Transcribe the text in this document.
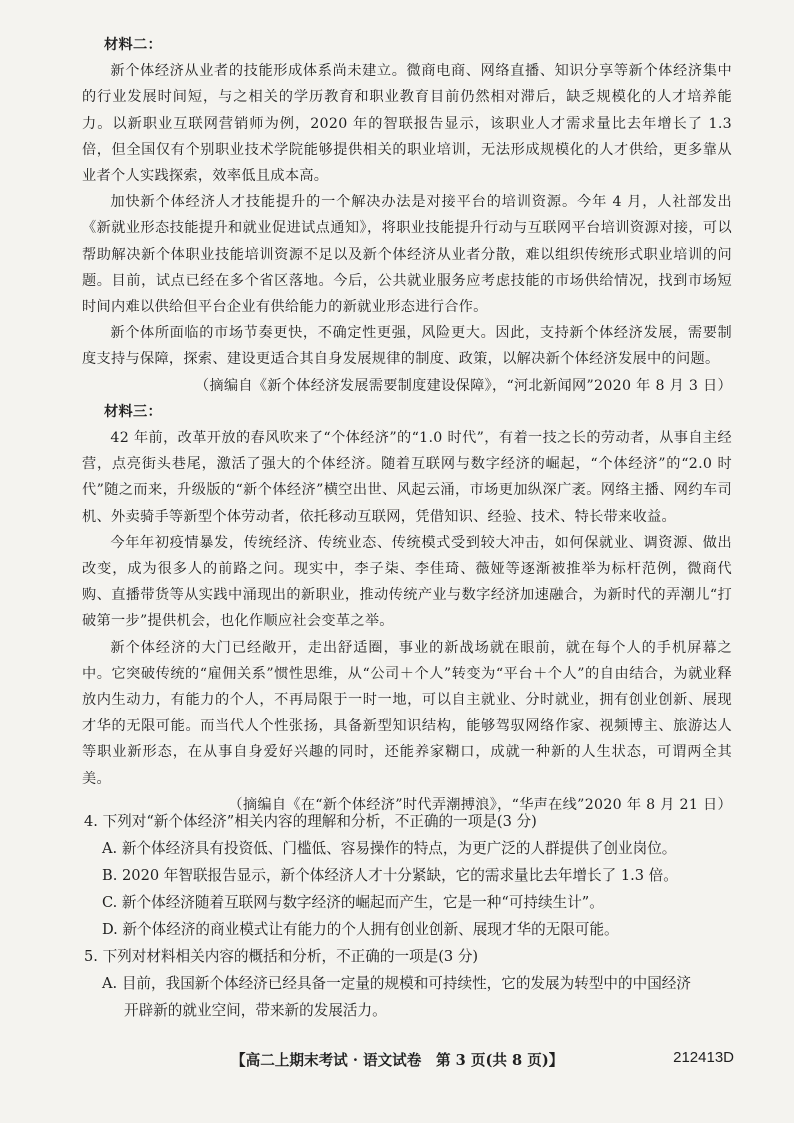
材料二：

新个体经济从业者的技能形成体系尚未建立。微商电商、网络直播、知识分享等新个体经济集中的行业发展时间短，与之相关的学历教育和职业教育目前仍然相对滞后，缺乏规模化的人才培养能力。以新职业互联网营销师为例，2020 年的智联报告显示，该职业人才需求量比去年增长了 1.3 倍，但全国仅有个别职业技术学院能够提供相关的职业培训，无法形成规模化的人才供给，更多靠从业者个人实践探索，效率低且成本高。

加快新个体经济人才技能提升的一个解决办法是对接平台的培训资源。今年 4 月，人社部发出《新就业形态技能提升和就业促进试点通知》，将职业技能提升行动与互联网平台培训资源对接，可以帮助解决新个体职业技能培训资源不足以及新个体经济从业者分散，难以组织传统形式职业培训的问题。目前，试点已经在多个省区落地。今后，公共就业服务应考虑技能的市场供给情况，找到市场短时间内难以供给但平台企业有供给能力的新就业形态进行合作。

新个体所面临的市场节奏更快，不确定性更强，风险更大。因此，支持新个体经济发展，需要制度支持与保障，探索、建设更适合其自身发展规律的制度、政策，以解决新个体经济发展中的问题。

（摘编自《新个体经济发展需要制度建设保障》，“河北新闻网”2020 年 8 月 3 日）

材料三：

42 年前，改革开放的春风吹来了“个体经济”的“1.0 时代”，有着一技之长的劳动者，从事自主经营，点亮街头巷尾，激活了强大的个体经济。随着互联网与数字经济的崛起，“个体经济”的“2.0 时代”随之而来，升级版的“新个体经济”横空出世、风起云涌，市场更加纵深广袤。网络主播、网约车司机、外卖骑手等新型个体劳动者，依托移动互联网，凭借知识、经验、技术、特长带来收益。

今年年初疫情暴发，传统经济、传统业态、传统模式受到较大冲击，如何保就业、调资源、做出改变，成为很多人的前路之问。现实中，李子柒、李佳琦、薇娅等逐渐被推举为标杆范例，微商代购、直播带货等从实践中涌现出的新职业，推动传统产业与数字经济加速融合，为新时代的弄潮儿“打破第一步”提供机会，也化作顺应社会变革之举。

新个体经济的大门已经敞开，走出舒适圈，事业的新战场就在眼前，就在每个人的手机屏幕之中。它突破传统的“雇佣关系”惯性思维，从“公司＋个人”转变为“平台＋个人”的自由结合，为就业释放内生动力，有能力的个人，不再局限于一时一地，可以自主就业、分时就业，拥有创业创新、展现才华的无限可能。而当代人个性张扬，具备新型知识结构，能够驾驭网络作家、视频博主、旅游达人等职业新形态，在从事自身爱好兴趣的同时，还能养家糊口，成就一种新的人生状态，可谓两全其美。

（摘编自《在“新个体经济”时代弄潮搏浪》，“华声在线”2020 年 8 月 21 日）

4. 下列对“新个体经济”相关内容的理解和分析，不正确的一项是(3 分)

A. 新个体经济具有投资低、门槛低、容易操作的特点，为更广泛的人群提供了创业岗位。

B. 2020 年智联报告显示，新个体经济人才十分紧缺，它的需求量比去年增长了 1.3 倍。

C. 新个体经济随着互联网与数字经济的崛起而产生，它是一种“可持续生计”。

D. 新个体经济的商业模式让有能力的个人拥有创业创新、展现才华的无限可能。

5. 下列对材料相关内容的概括和分析，不正确的一项是(3 分)

A. 目前，我国新个体经济已经具备一定量的规模和可持续性，它的发展为转型中的中国经济
开辟新的就业空间，带来新的发展活力。

【高二上期末考试 · 语文试卷　第 3 页(共 8 页)】	212413D
